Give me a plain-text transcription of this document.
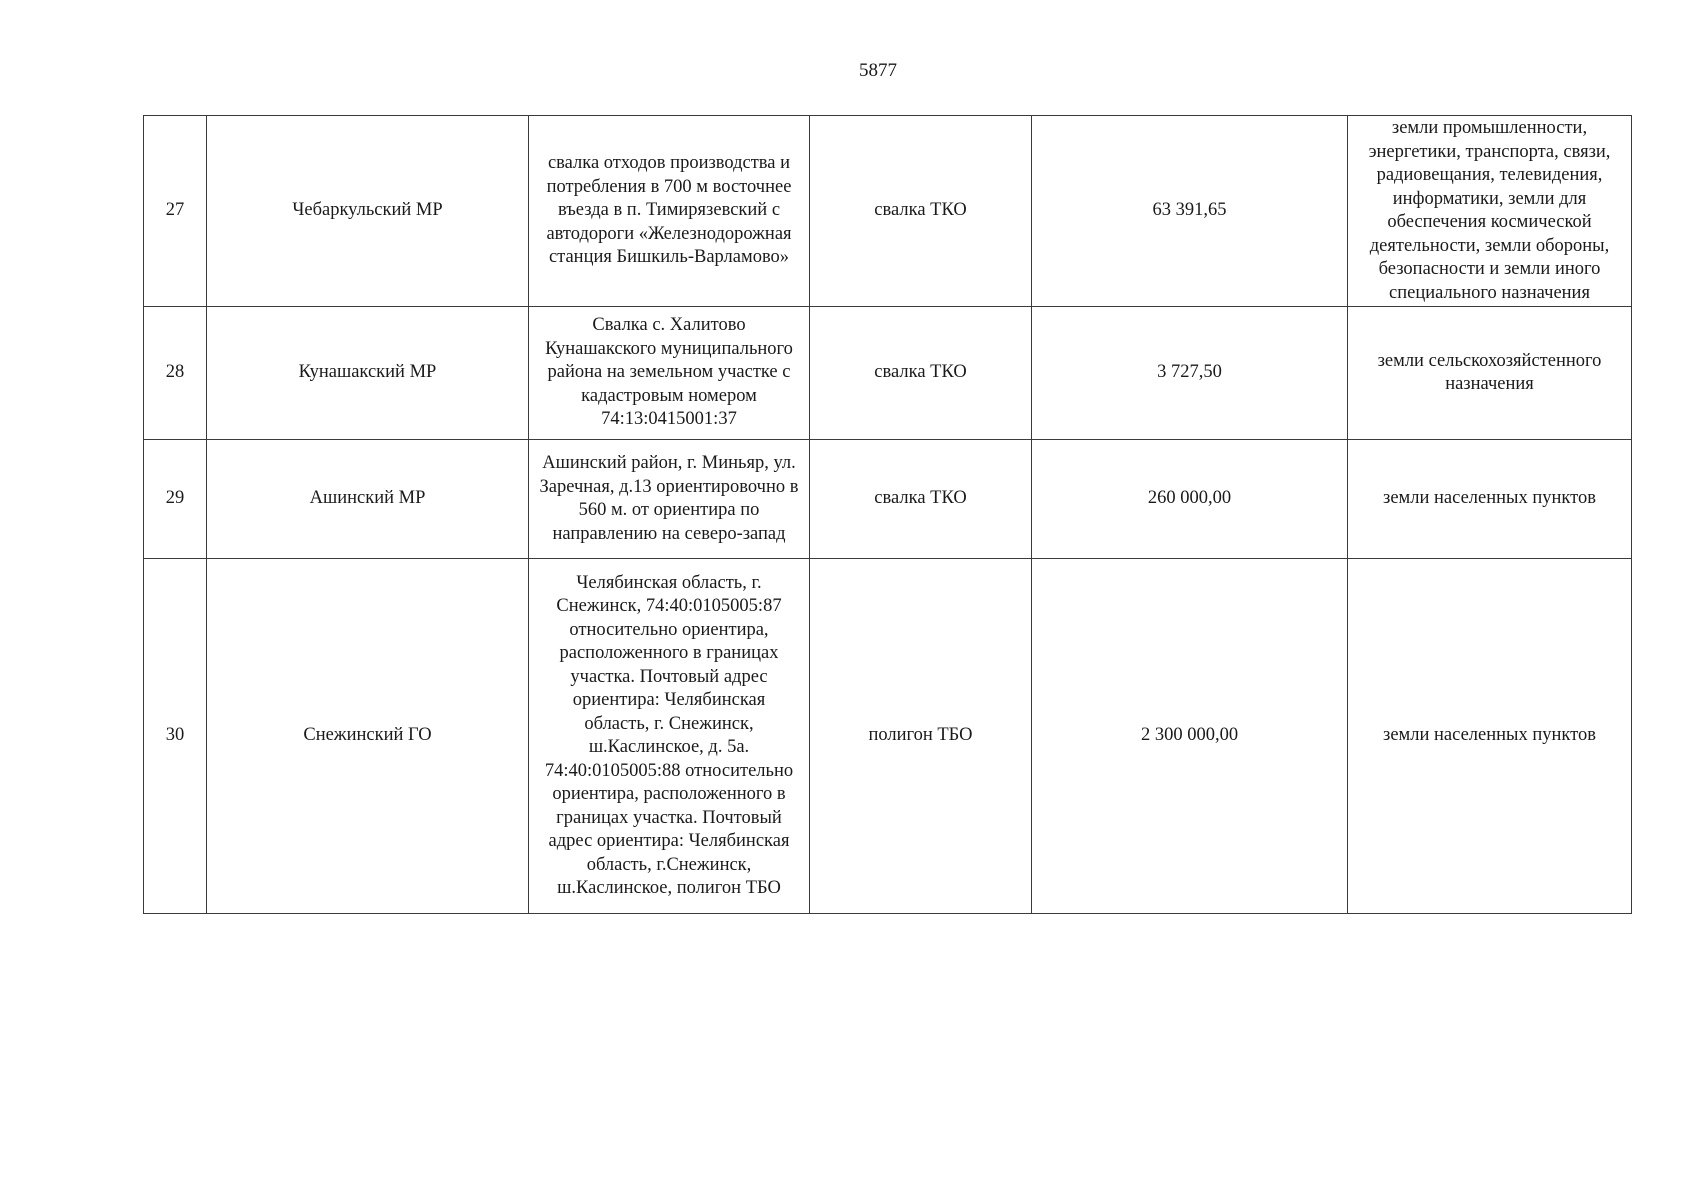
5877
27	Чебаркульский МР	свалка отходов производства и потребления в 700 м восточнее въезда в п. Тимирязевский с автодороги «Железнодорожная станция Бишкиль-Варламово»	свалка ТКО	63 391,65	земли промышленности, энергетики, транспорта, связи, радиовещания, телевидения, информатики, земли для обеспечения космической деятельности, земли обороны, безопасности и земли иного специального назначения
28	Кунашакский МР	Свалка с. Халитово Кунашакского муниципального района на земельном участке с кадастровым номером 74:13:0415001:37	свалка ТКО	3 727,50	земли сельскохозяйстенного назначения
29	Ашинский МР	Ашинский район, г. Миньяр, ул. Заречная, д.13 ориентировочно в 560 м. от ориентира по направлению на северо-запад	свалка ТКО	260 000,00	земли населенных пунктов
30	Снежинский ГО	Челябинская область, г. Снежинск, 74:40:0105005:87 относительно ориентира, расположенного в границах участка. Почтовый адрес ориентира: Челябинская область, г. Снежинск, ш.Каслинское, д. 5а. 74:40:0105005:88 относительно ориентира, расположенного в границах участка. Почтовый адрес ориентира: Челябинская область, г.Снежинск, ш.Каслинское, полигон ТБО	полигон ТБО	2 300 000,00	земли населенных пунктов
